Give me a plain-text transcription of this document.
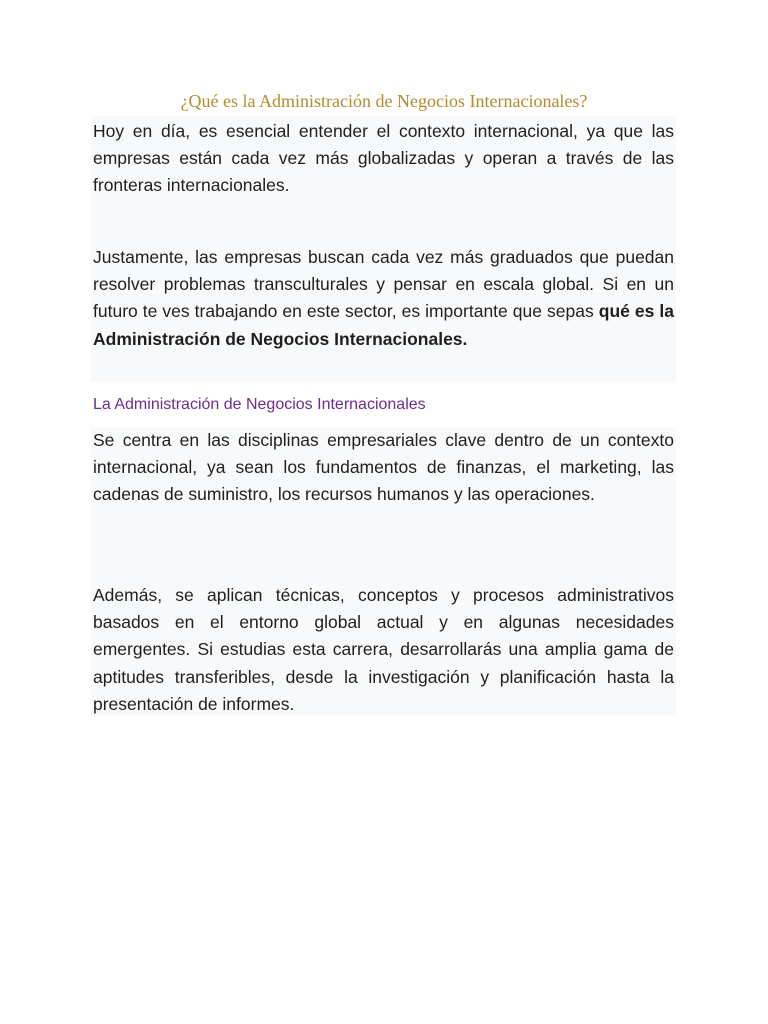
¿Qué es la Administración de Negocios Internacionales?

Hoy en día, es esencial entender el contexto internacional, ya que las empresas están cada vez más globalizadas y operan a través de las fronteras internacionales.

Justamente, las empresas buscan cada vez más graduados que puedan resolver problemas transculturales y pensar en escala global. Si en un futuro te ves trabajando en este sector, es importante que sepas qué es la Administración de Negocios Internacionales.

La Administración de Negocios Internacionales

Se centra en las disciplinas empresariales clave dentro de un contexto internacional, ya sean los fundamentos de finanzas, el marketing, las cadenas de suministro, los recursos humanos y las operaciones.

Además, se aplican técnicas, conceptos y procesos administrativos basados en el entorno global actual y en algunas necesidades emergentes. Si estudias esta carrera, desarrollarás una amplia gama de aptitudes transferibles, desde la investigación y planificación hasta la presentación de informes.
